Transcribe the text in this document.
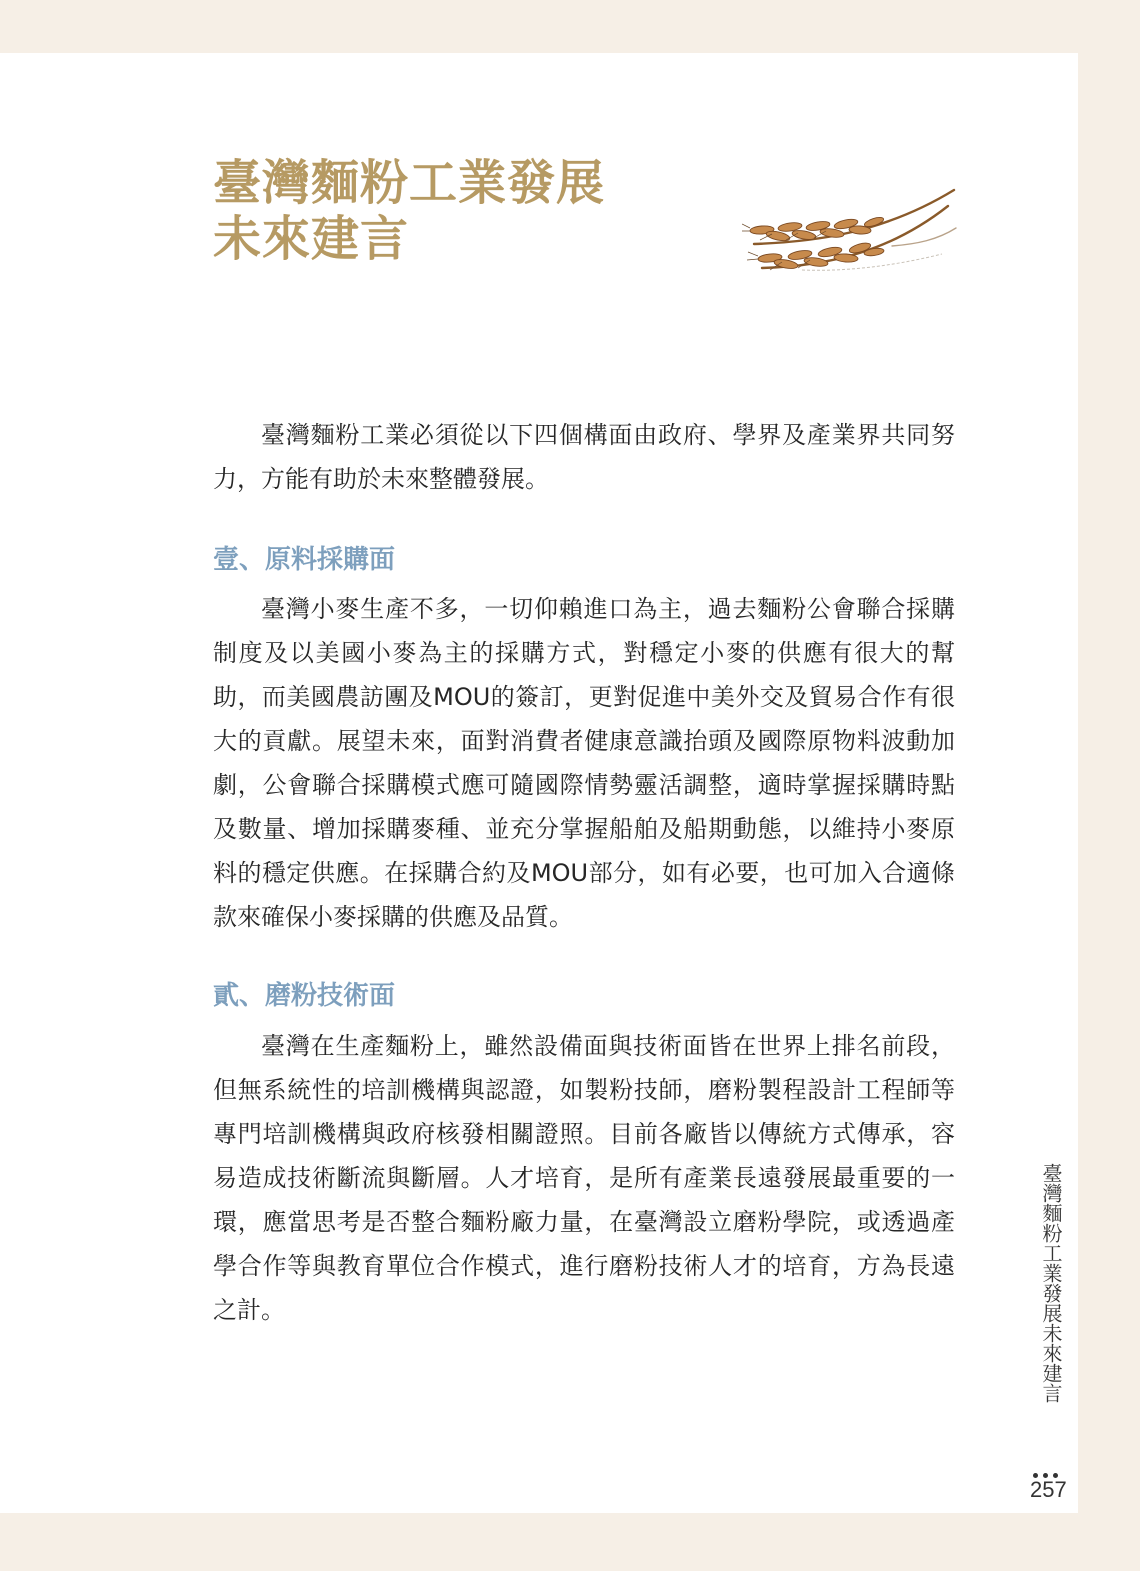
臺灣麵粉工業發展
未來建言

臺灣麵粉工業必須從以下四個構面由政府、學界及產業界共同努力，方能有助於未來整體發展。

壹、原料採購面

臺灣小麥生產不多，一切仰賴進口為主，過去麵粉公會聯合採購制度及以美國小麥為主的採購方式，對穩定小麥的供應有很大的幫助，而美國農訪團及MOU的簽訂，更對促進中美外交及貿易合作有很大的貢獻。展望未來，面對消費者健康意識抬頭及國際原物料波動加劇，公會聯合採購模式應可隨國際情勢靈活調整，適時掌握採購時點及數量、增加採購麥種、並充分掌握船舶及船期動態，以維持小麥原料的穩定供應。在採購合約及MOU部分，如有必要，也可加入合適條款來確保小麥採購的供應及品質。

貳、磨粉技術面

臺灣在生產麵粉上，雖然設備面與技術面皆在世界上排名前段，但無系統性的培訓機構與認證，如製粉技師，磨粉製程設計工程師等專門培訓機構與政府核發相關證照。目前各廠皆以傳統方式傳承，容易造成技術斷流與斷層。人才培育，是所有產業長遠發展最重要的一環，應當思考是否整合麵粉廠力量，在臺灣設立磨粉學院，或透過產學合作等與教育單位合作模式，進行磨粉技術人才的培育，方為長遠之計。	臺灣麵粉工業發展未來建言

257
